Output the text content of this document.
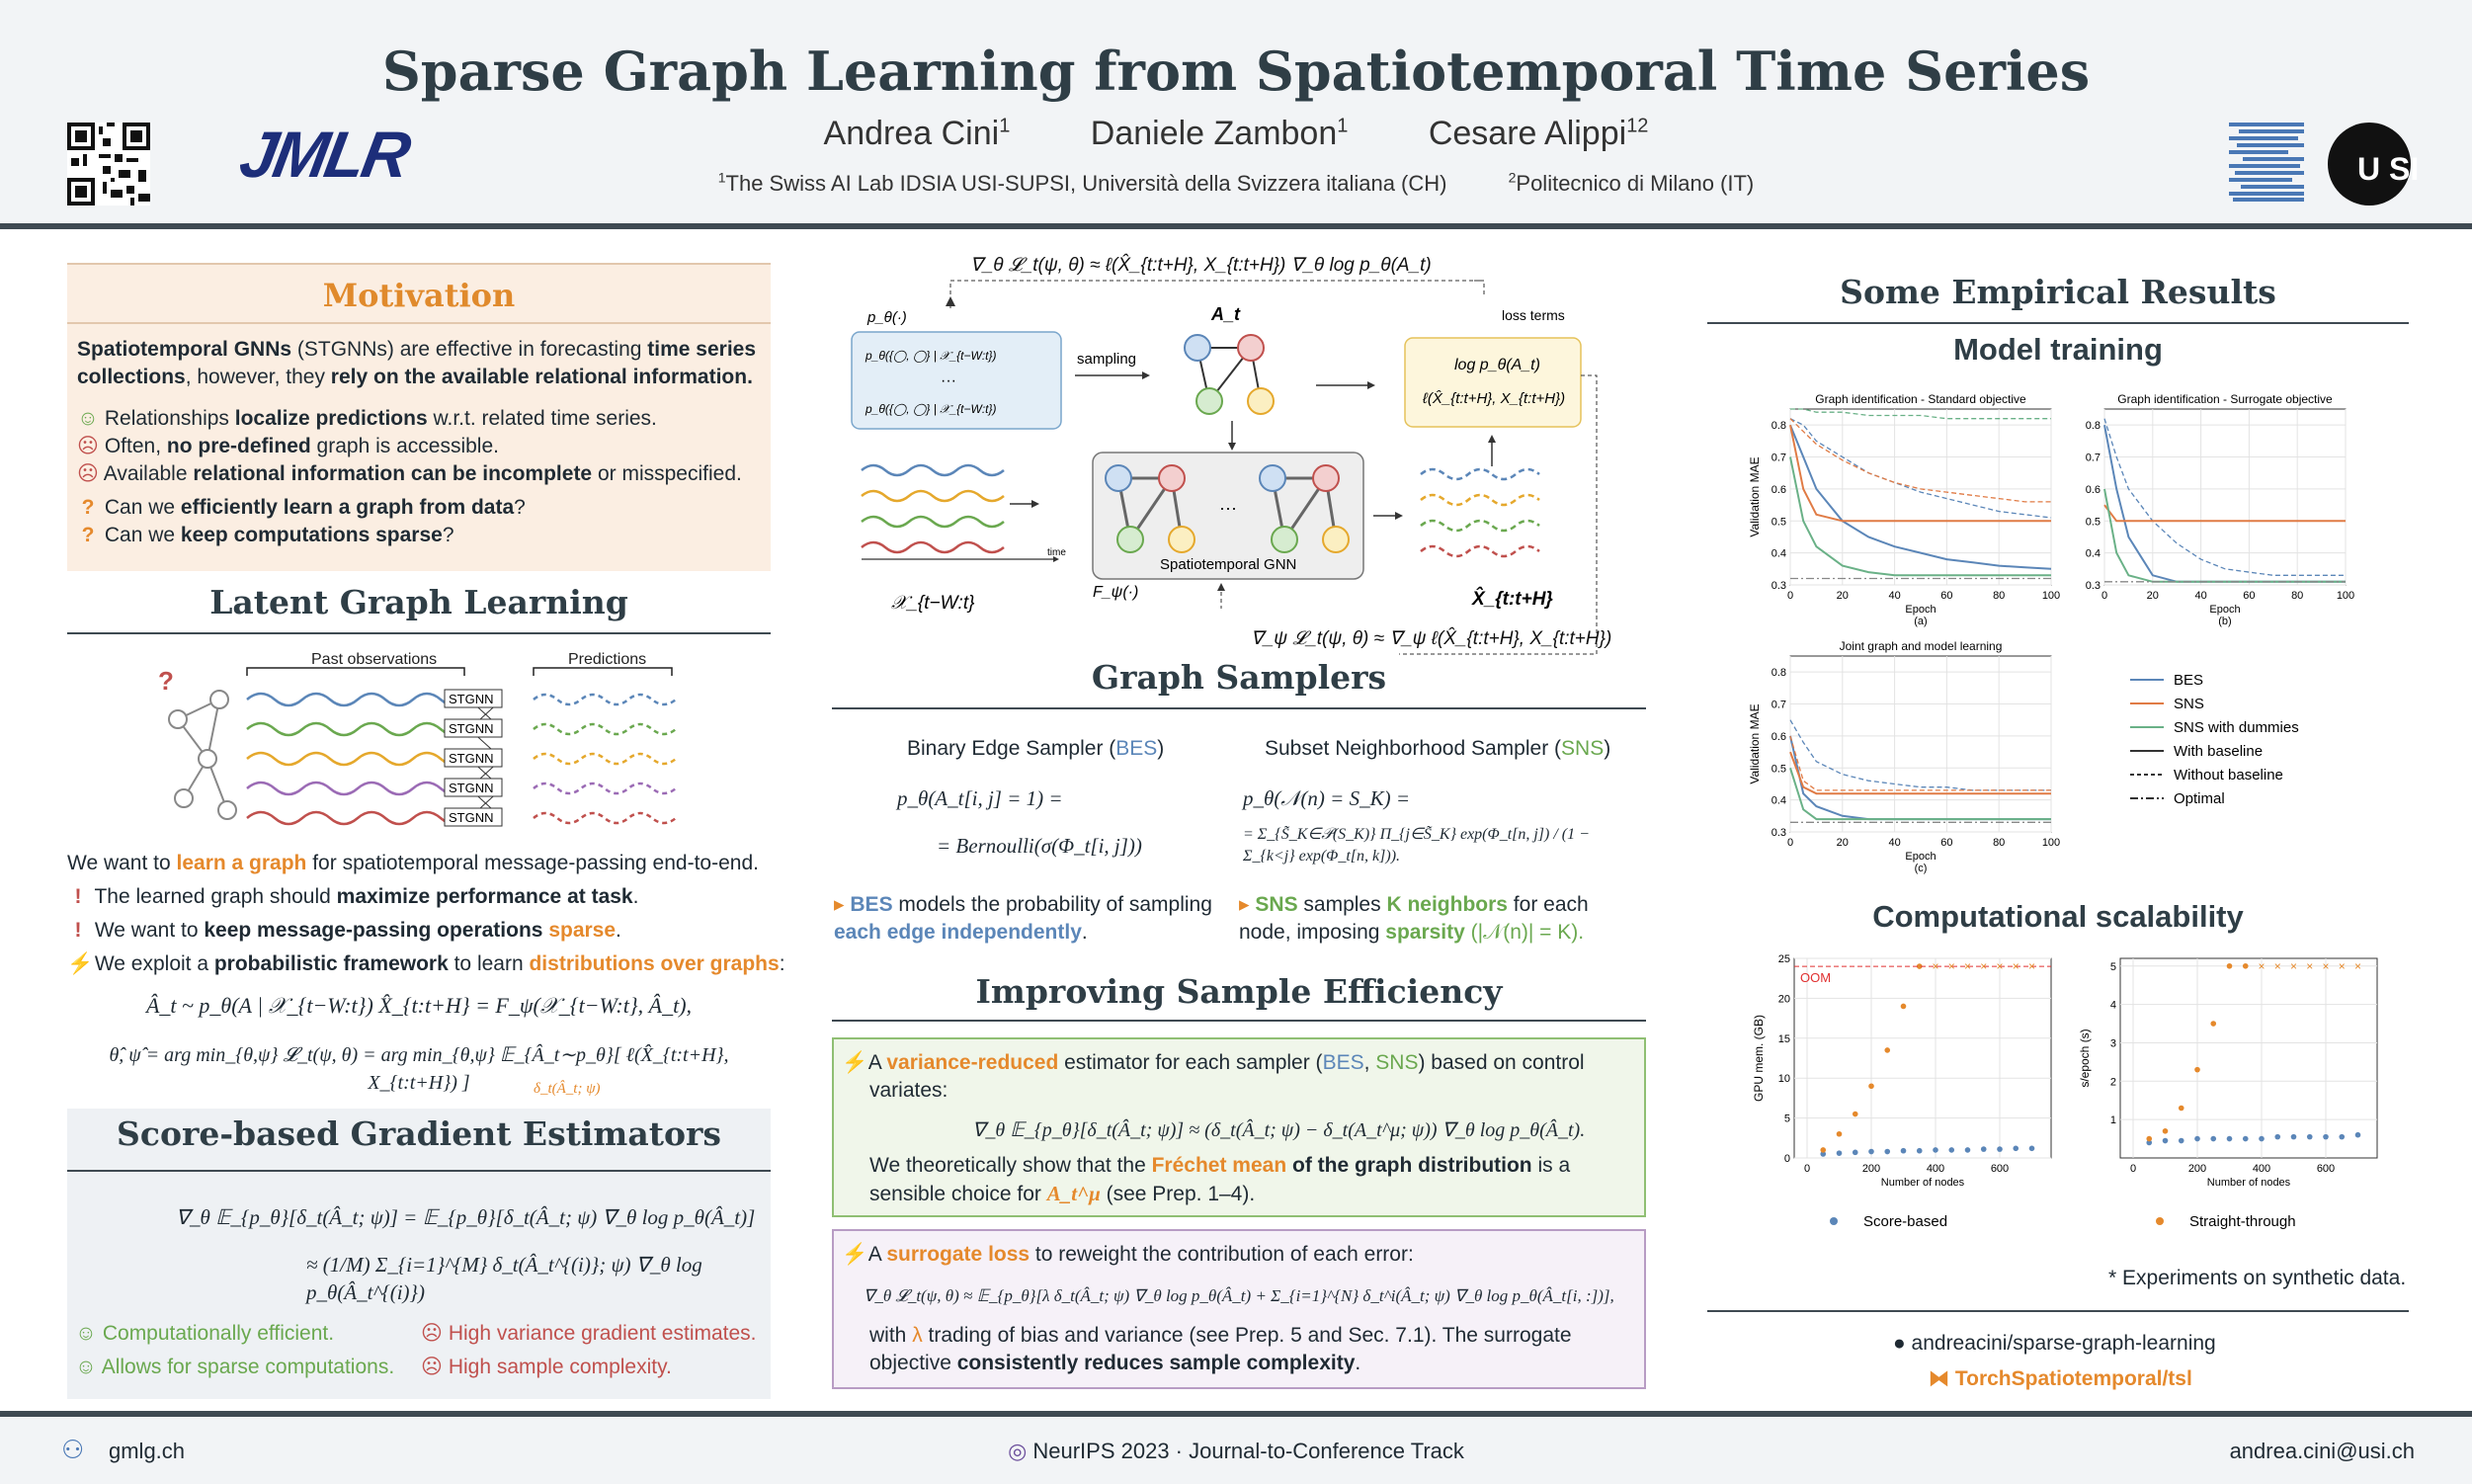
JMLR
Sparse Graph Learning from Spatiotemporal Time Series
Andrea Cini$^1$ Daniele Zambon$^1$ Cesare Alippi$^{12}$
$^1$The Swiss AI Lab IDSIA USI-SUPSI, Università della Svizzera italiana (CH)	$^2$Politecnico di Milano (IT)	U SI
Motivation
Spatiotemporal GNNs (STGNNs) are effective in forecasting time series collections, however, they rely on the available relational information.
☺ Relationships localize predictions w.r.t. related time series.
☹ Often, no pre-defined graph is accessible.
☹ Available relational information can be incomplete or misspecified.
? Can we efficiently learn a graph from data?
? Can we keep computations sparse?
Latent Graph Learning
?
Past observations	Predictions
STGNN
STGNN
STGNN
STGNN
STGNN
We want to learn a graph for spatiotemporal message-passing end-to-end.
! The learned graph should maximize performance at task.
! We want to keep message-passing operations sparse.
⚡ We exploit a probabilistic framework to learn distributions over graphs:
Â_t ~ p_θ(A | 𝒳_{t−W:t}) X̂_{t:t+H} = F_ψ(𝒳_{t−W:t}, Â_t),
θ̂, ψ̂ = arg min_{θ,ψ} 𝓛_t(ψ, θ) = arg min_{θ,ψ} 𝔼_{Â_t∼p_θ}[ ℓ(X̂_{t:t+H}, X_{t:t+H}) ]	δ_t(Â_t; ψ)
Score-based Gradient Estimators
∇_θ 𝔼_{p_θ}[δ_t(Â_t; ψ)] = 𝔼_{p_θ}[δ_t(Â_t; ψ) ∇_θ log p_θ(Â_t)]
≈ (1/M) Σ_{i=1}^{M} δ_t(Â_t^{(i)}; ψ) ∇_θ log p_θ(Â_t^{(i)})
☺ Computationally efficient.
☺ Allows for sparse computations.
☹ High variance gradient estimates.
☹ High sample complexity.
∇_θ 𝓛_t(ψ, θ) ≈ ℓ(X̂_{t:t+H}, X_{t:t+H}) ∇_θ log p_θ(A_t)
p_θ(·)
p_θ({◯, ◯} | 𝒳_{t−W:t})
···
p_θ({◯, ◯} | 𝒳_{t−W:t})
sampling
A_t	loss terms
log p_θ(A_t)
ℓ(X̂_{t:t+H}, X_{t:t+H})
time
𝒳_{t−W:t}
···
Spatiotemporal GNN
F_ψ(·)	X̂_{t:t+H}
∇_ψ 𝓛_t(ψ, θ) ≈ ∇_ψ ℓ(X̂_{t:t+H}, X_{t:t+H})
Graph Samplers
Binary Edge Sampler (BES)	Subset Neighborhood Sampler (SNS)
p_θ(A_t[i, j] = 1) =
= Bernoulli(σ(Φ_t[i, j]))
p_θ(𝒩(n) = S_K) =
= Σ_{S̃_K∈𝒫(S_K)} Π_{j∈S̃_K} exp(Φ_t[n, j]) / (1 − Σ_{k<j} exp(Φ_t[n, k])).
▸ BES models the probability of sampling each edge independently.
▸ SNS samples K neighbors for each node, imposing sparsity (|𝒩(n)| = K).
Improving Sample Efficiency
⚡ A variance-reduced estimator for each sampler (BES, SNS) based on control
variates:
∇_θ 𝔼_{p_θ}[δ_t(Â_t; ψ)] ≈ (δ_t(Â_t; ψ) − δ_t(A_t^μ; ψ)) ∇_θ log p_θ(Â_t).
We theoretically show that the Fréchet mean of the graph distribution is a
sensible choice for A_t^μ (see Prep. 1–4).
⚡ A surrogate loss to reweight the contribution of each error:
∇_θ 𝓛_t(ψ, θ) ≈ 𝔼_{p_θ}[λ δ_t(Â_t; ψ) ∇_θ log p_θ(Â_t) + Σ_{i=1}^{N} δ_t^i(Â_t; ψ) ∇_θ log p_θ(Â_t[i, :])],
with λ trading of bias and variance (see Prep. 5 and Sec. 7.1). The surrogate
objective consistently reduces sample complexity.
Some Empirical Results
Model training
0.3
0.4
0.5
0.6
0.7
0.8
0	20	40	60	80	100
Graph identification - Standard objective
Epoch
(a)
Validation MAE
0.3
0.4
0.5
0.6
0.7
0.8
0	20	40	60	80	100
Graph identification - Surrogate objective
Epoch
(b)
0.3
0.4
0.5
0.6
0.7
0.8
0	20	40	60	80	100
Joint graph and model learning
Epoch
(c)
Validation MAE
BES
SNS
SNS with dummies
With baseline
Without baseline
Optimal
Computational scalability
0
5
10
15
20
25
0	200	400	600
Number of nodes
GPU mem. (GB)
OOM
× × × × × × ×
Score-based
1
2
3
4
5
0	200	400	600
Number of nodes
s/epoch (s)
× × × × × × ×
Straight-through
* Experiments on synthetic data.
● andreacini/sparse-graph-learning
⧓ TorchSpatiotemporal/tsl
⚇ gmlg.ch	◎ NeurIPS 2023 · Journal-to-Conference Track	andrea.cini@usi.ch
